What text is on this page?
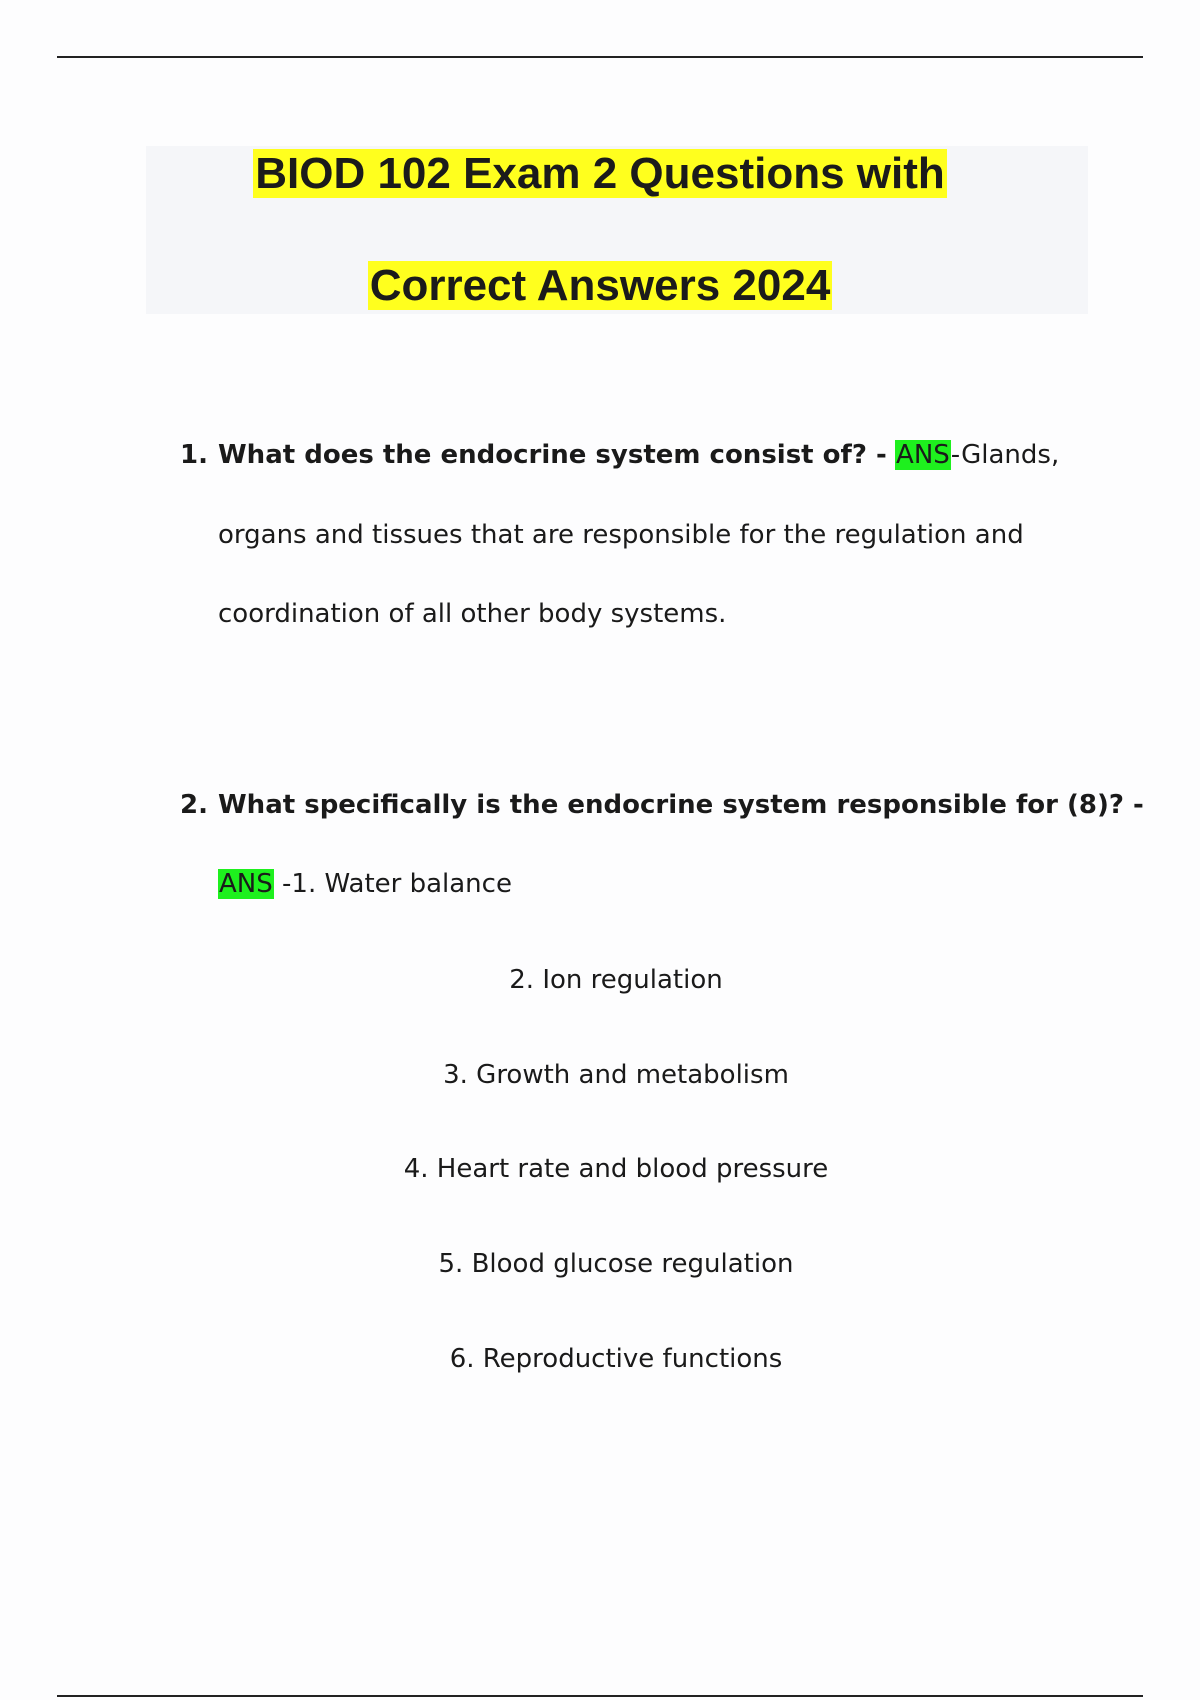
BIOD 102 Exam 2 Questions with
Correct Answers 2024
1. What does the endocrine system consist of? - ANS-Glands,
organs and tissues that are responsible for the regulation and
coordination of all other body systems.
2. What specifically is the endocrine system responsible for (8)? -
ANS -1. Water balance
2. Ion regulation
3. Growth and metabolism
4. Heart rate and blood pressure
5. Blood glucose regulation
6. Reproductive functions
